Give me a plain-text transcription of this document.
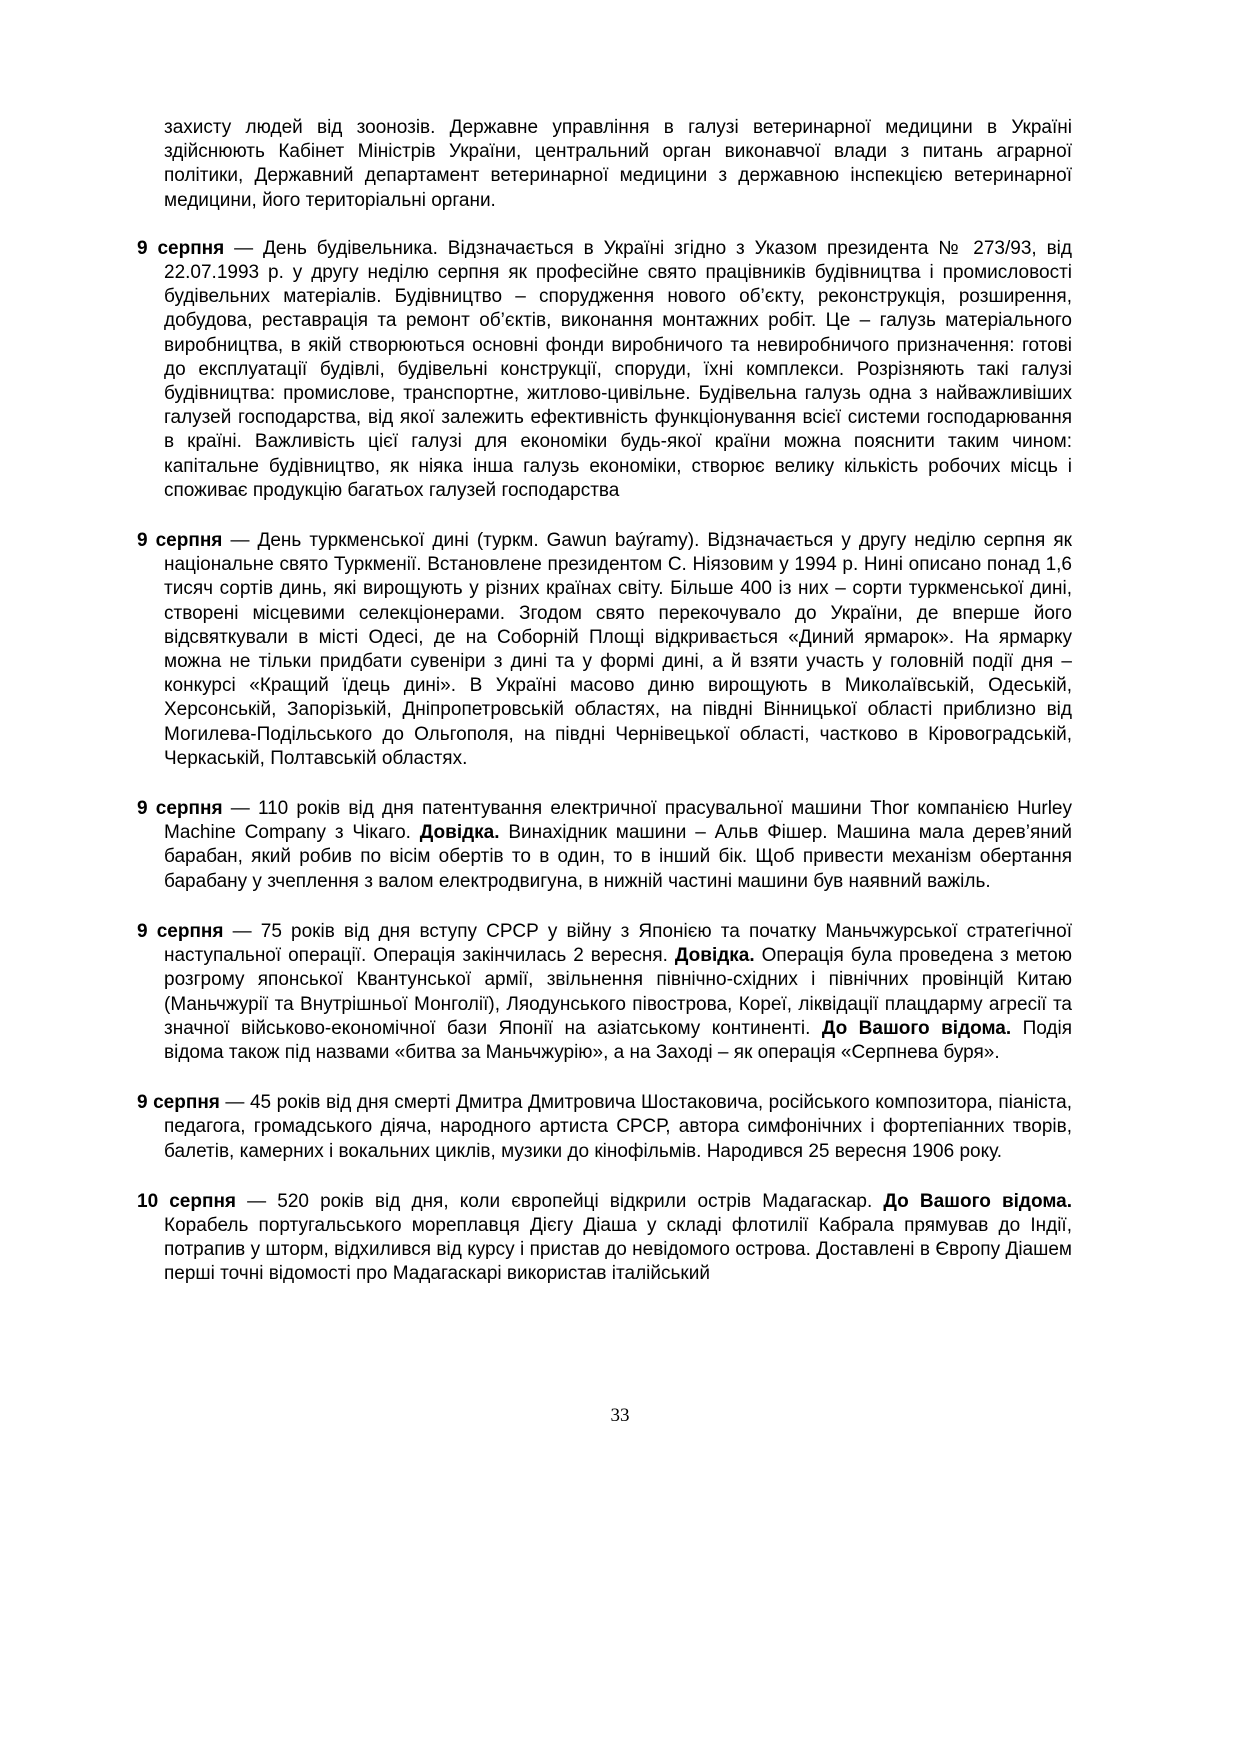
захисту людей від зоонозів. Державне управління в галузі ветеринарної медицини в Україні здійснюють Кабінет Міністрів України, центральний орган виконавчої влади з питань аграрної політики, Державний департамент ветеринарної медицини з державною інспекцією ветеринарної медицини, його територіальні органи.

9 серпня — День будівельника. Відзначається в Україні згідно з Указом президента № 273/93, від 22.07.1993 р. у другу неділю серпня як професійне свято працівників будівництва і промисловості будівельних матеріалів. Будівництво – спорудження нового об’єкту, реконструкція, розширення, добудова, реставрація та ремонт об’єктів, виконання монтажних робіт. Це – галузь матеріального виробництва, в якій створюються основні фонди виробничого та невиробничого призначення: готові до експлуатації будівлі, будівельні конструкції, споруди, їхні комплекси. Розрізняють такі галузі будівництва: промислове, транспортне, житлово-цивільне. Будівельна галузь одна з найважливіших галузей господарства, від якої залежить ефективність функціонування всієї системи господарювання в країні. Важливість цієї галузі для економіки будь-якої країни можна пояснити таким чином: капітальне будівництво, як ніяка інша галузь економіки, створює велику кількість робочих місць і споживає продукцію багатьох галузей господарства

9 серпня — День туркменської дині (туркм. Gawun baýramy). Відзначається у другу неділю серпня як національне свято Туркменії. Встановлене президентом С. Ніязовим у 1994 р. Нині описано понад 1,6 тисяч сортів динь, які вирощують у різних країнах світу. Більше 400 із них – сорти туркменської дині, створені місцевими селекціонерами. Згодом свято перекочувало до України, де вперше його відсвяткували в місті Одесі, де на Соборній Площі відкривається «Диний ярмарок». На ярмарку можна не тільки придбати сувеніри з дині та у формі дині, а й взяти участь у головній події дня – конкурсі «Кращий їдець дині». В Україні масово диню вирощують в Миколаївській, Одеській, Херсонській, Запорізькій, Дніпропетровській областях, на півдні Вінницької області приблизно від Могилева-Подільського до Ольгополя, на півдні Чернівецької області, частково в Кіровоградській, Черкаській, Полтавській областях.

9 серпня — 110 років від дня патентування електричної прасувальної машини Thor компанією Hurley Machine Company з Чікаго. Довідка. Винахідник машини – Альв Фішер. Машина мала дерев’яний барабан, який робив по вісім обертів то в один, то в інший бік. Щоб привести механізм обертання барабану у зчеплення з валом електродвигуна, в нижній частині машини був наявний важіль.

9 серпня — 75 років від дня вступу СРСР у війну з Японією та початку Маньчжурської стратегічної наступальної операції. Операція закінчилась 2 вересня. Довідка. Операція була проведена з метою розгрому японської Квантунської армії, звільнення північно-східних і північних провінцій Китаю (Маньчжурії та Внутрішньої Монголії), Ляодунського півострова, Кореї, ліквідації плацдарму агресії та значної військово-економічної бази Японії на азіатському континенті. До Вашого відома. Подія відома також під назвами «битва за Маньчжурію», а на Заході – як операція «Серпнева буря».

9 серпня — 45 років від дня смерті Дмитра Дмитровича Шостаковича, російського композитора, піаніста, педагога, громадського діяча, народного артиста СРСР, автора симфонічних і фортепіанних творів, балетів, камерних і вокальних циклів, музики до кінофільмів. Народився 25 вересня 1906 року.

10 серпня — 520 років від дня, коли європейці відкрили острів Мадагаскар. До Вашого відома. Корабель португальського мореплавця Дієгу Діаша у складі флотилії Кабрала прямував до Індії, потрапив у шторм, відхилився від курсу і пристав до невідомого острова. Доставлені в Європу Діашем перші точні відомості про Мадагаскарі використав італійський

33
